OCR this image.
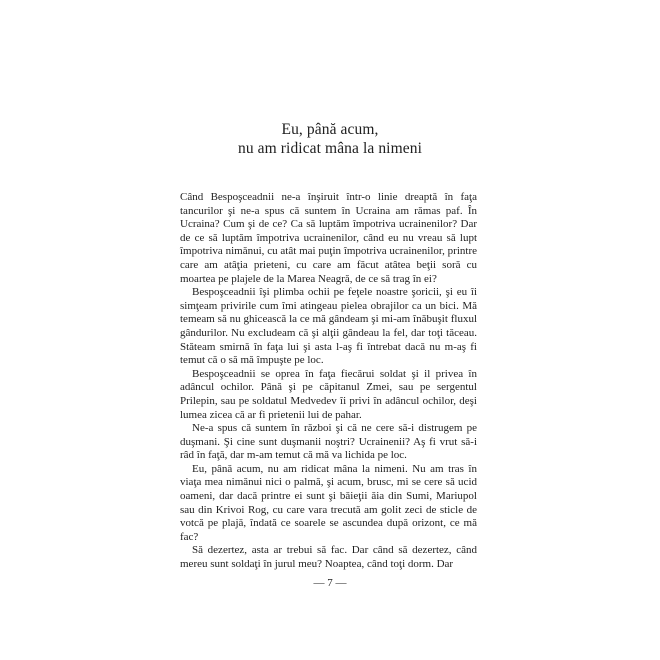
Eu, până acum,
nu am ridicat mâna la nimeni

Când Bespoşceadnii ne-a înşiruit într-o linie dreaptă în faţa tancurilor şi ne-a spus că suntem în Ucraina am rămas paf. În Ucraina? Cum şi de ce? Ca să luptăm împotriva ucrainenilor? Dar de ce să luptăm împotriva ucrainenilor, când eu nu vreau să lupt împotriva nimănui, cu atât mai puţin împotriva ucrainenilor, printre care am atâţia prieteni, cu care am făcut atâtea beţii soră cu moartea pe plajele de la Marea Neagră, de ce să trag în ei?

Bespoşceadnii îşi plimba ochii pe feţele noastre şoricii, şi eu îi simţeam privirile cum îmi atingeau pielea obrajilor ca un bici. Mă temeam să nu ghicească la ce mă gândeam şi mi-am înăbuşit fluxul gândurilor. Nu excludeam că şi alţii gândeau la fel, dar toţi tăceau. Stăteam smirnă în faţa lui şi asta l-aş fi întrebat dacă nu m-aş fi temut că o să mă împuşte pe loc.

Bespoşceadnii se oprea în faţa fiecărui soldat şi il privea în adâncul ochilor. Până şi pe căpitanul Zmei, sau pe sergentul Prilepin, sau pe soldatul Medvedev îi privi în adâncul ochilor, deşi lumea zicea că ar fi prietenii lui de pahar.

Ne-a spus că suntem în război şi că ne cere să-i distrugem pe duşmani. Şi cine sunt duşmanii noştri? Ucrainenii? Aş fi vrut să-i râd în faţă, dar m-am temut că mă va lichida pe loc.

Eu, până acum, nu am ridicat mâna la nimeni. Nu am tras în viaţa mea nimănui nici o palmă, şi acum, brusc, mi se cere să ucid oameni, dar dacă printre ei sunt şi băieţii ăia din Sumi, Mariupol sau din Krivoi Rog, cu care vara trecută am golit zeci de sticle de votcă pe plajă, îndată ce soarele se ascundea după orizont, ce mă fac?

Să dezertez, asta ar trebui să fac. Dar când să dezertez, când mereu sunt soldaţi în jurul meu? Noaptea, când toţi dorm. Dar

— 7 —
